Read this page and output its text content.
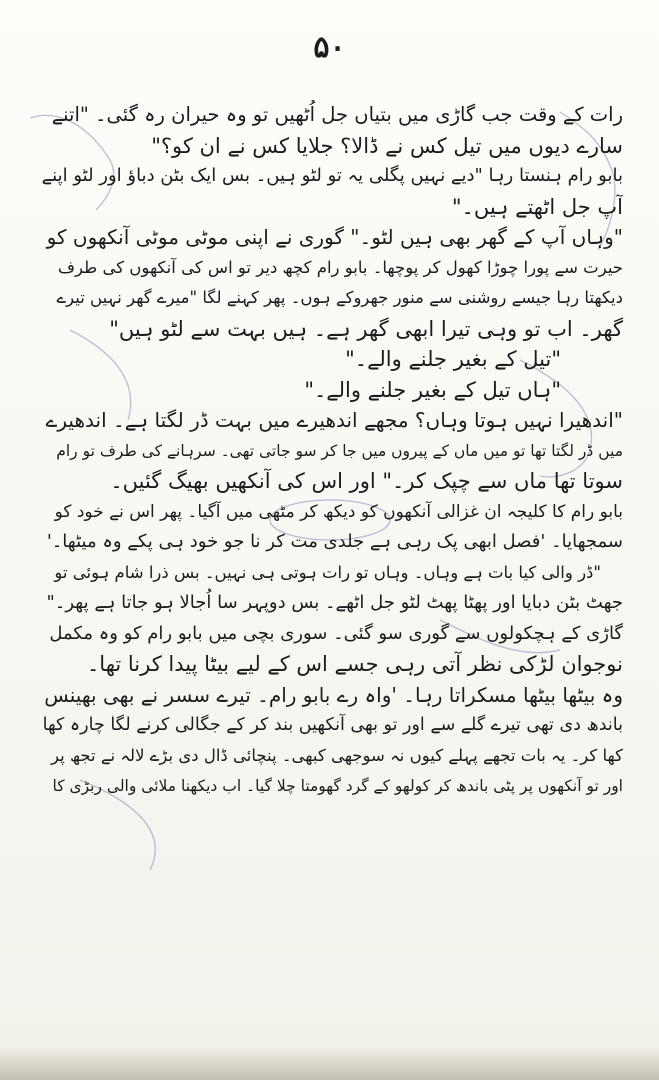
۵۰
رات کے وقت جب گاڑی میں بتیاں جل اُٹھیں تو وہ حیران رہ گئی۔ "اتنے
سارے دیوں میں تیل کس نے ڈالا؟ جلایا کس نے ان کو؟"
بابو رام ہنستا رہا "دیے نہیں پگلی یہ تو لٹو ہیں۔ بس ایک بٹن دباؤ اور لٹو اپنے
آپ جل اٹھتے ہیں۔"
"وہاں آپ کے گھر بھی ہیں لٹو۔" گوری نے اپنی موٹی موٹی آنکھوں کو
حیرت سے پورا چوڑا کھول کر پوچھا۔ بابو رام کچھ دیر تو اس کی آنکھوں کی طرف
دیکھتا رہا جیسے روشنی سے منور جھروکے ہوں۔ پھر کہنے لگا "میرے گھر نہیں تیرے
گھر۔ اب تو وہی تیرا ابھی گھر ہے۔ ہیں بہت سے لٹو ہیں"
"تیل کے بغیر جلنے والے۔"
"ہاں تیل کے بغیر جلنے والے۔"
"اندھیرا نہیں ہوتا وہاں؟ مجھے اندھیرے میں بہت ڈر لگتا ہے۔ اندھیرے
میں ڈر لگتا تھا تو میں ماں کے پیروں میں جا کر سو جاتی تھی۔ سرہانے کی طرف تو رام
سوتا تھا ماں سے چپک کر۔" اور اس کی آنکھیں بھیگ گئیں۔
بابو رام کا کلیجہ ان غزالی آنکھوں کو دیکھ کر مٹھی میں آگیا۔ پھر اس نے خود کو
سمجھایا۔ 'فصل ابھی پک رہی ہے جلدی مت کر نا جو خود ہی پکے وہ میٹھا۔'
"ڈر والی کیا بات ہے وہاں۔ وہاں تو رات ہوتی ہی نہیں۔ بس ذرا شام ہوئی تو
جھٹ بٹن دبایا اور پھٹا پھٹ لٹو جل اٹھے۔ بس دوپہر سا اُجالا ہو جاتا ہے پھر۔"
گاڑی کے ہچکولوں سے گوری سو گئی۔ سوری بچی میں بابو رام کو وہ مکمل
نوجوان لڑکی نظر آتی رہی جسے اس کے لیے بیٹا پیدا کرنا تھا۔
وہ بیٹھا بیٹھا مسکراتا رہا۔ 'واہ رے بابو رام۔ تیرے سسر نے بھی بھینس
باندھ دی تھی تیرے گلے سے اور تو بھی آنکھیں بند کر کے جگالی کرنے لگا چارہ کھا
کھا کر۔ یہ بات تجھے پہلے کیوں نہ سوجھی کبھی۔ پنچائی ڈال دی بڑے لالہ نے تجھ پر
اور تو آنکھوں پر پٹی باندھ کر کولھو کے گرد گھومتا چلا گیا۔ اب دیکھنا ملائی والی ربڑی کا
